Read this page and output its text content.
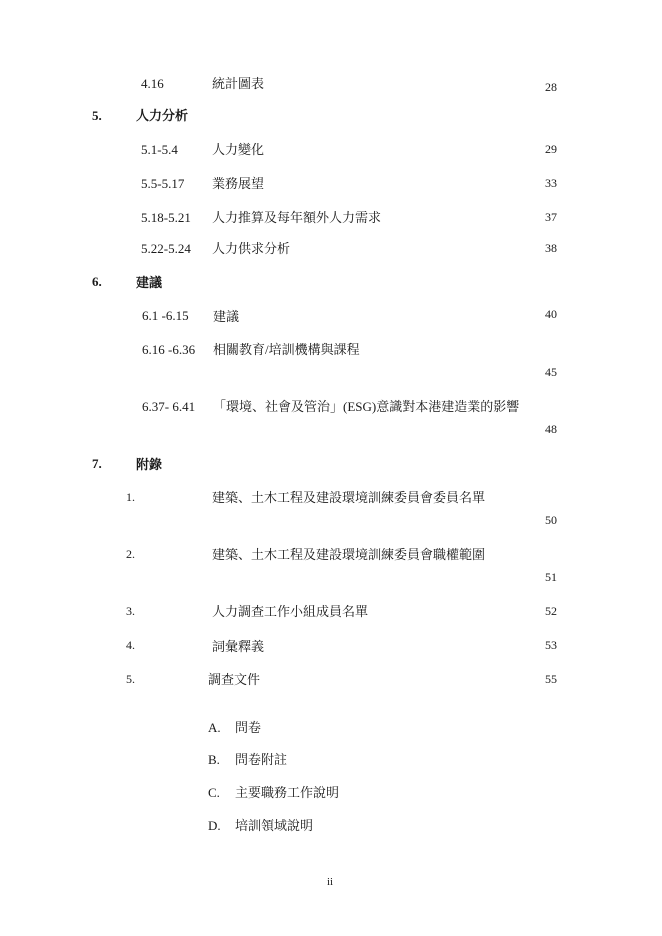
4.16	統計圖表	28
5.	人力分析
5.1-5.4	人力變化	29
5.5-5.17 業務展望	33
5.18-5.21 人力推算及每年額外人力需求	37
5.22-5.24 人力供求分析	38
6.	建議
6.1 -6.15 建議	40
6.16 -6.36 相關教育/培訓機構與課程
45
6.37- 6.41 「環境、社會及管治」(ESG)意識對本港建造業的影響
48
7.	附錄
1.	建築、土木工程及建設環境訓練委員會委員名單
50
2.	建築、土木工程及建設環境訓練委員會職權範圍
51
3.	人力調查工作小組成員名單	52
4.	詞彙釋義	53
5.	調查文件	55
A. 問卷
B. 問卷附註
C. 主要職務工作說明
D. 培訓領域說明
ii
